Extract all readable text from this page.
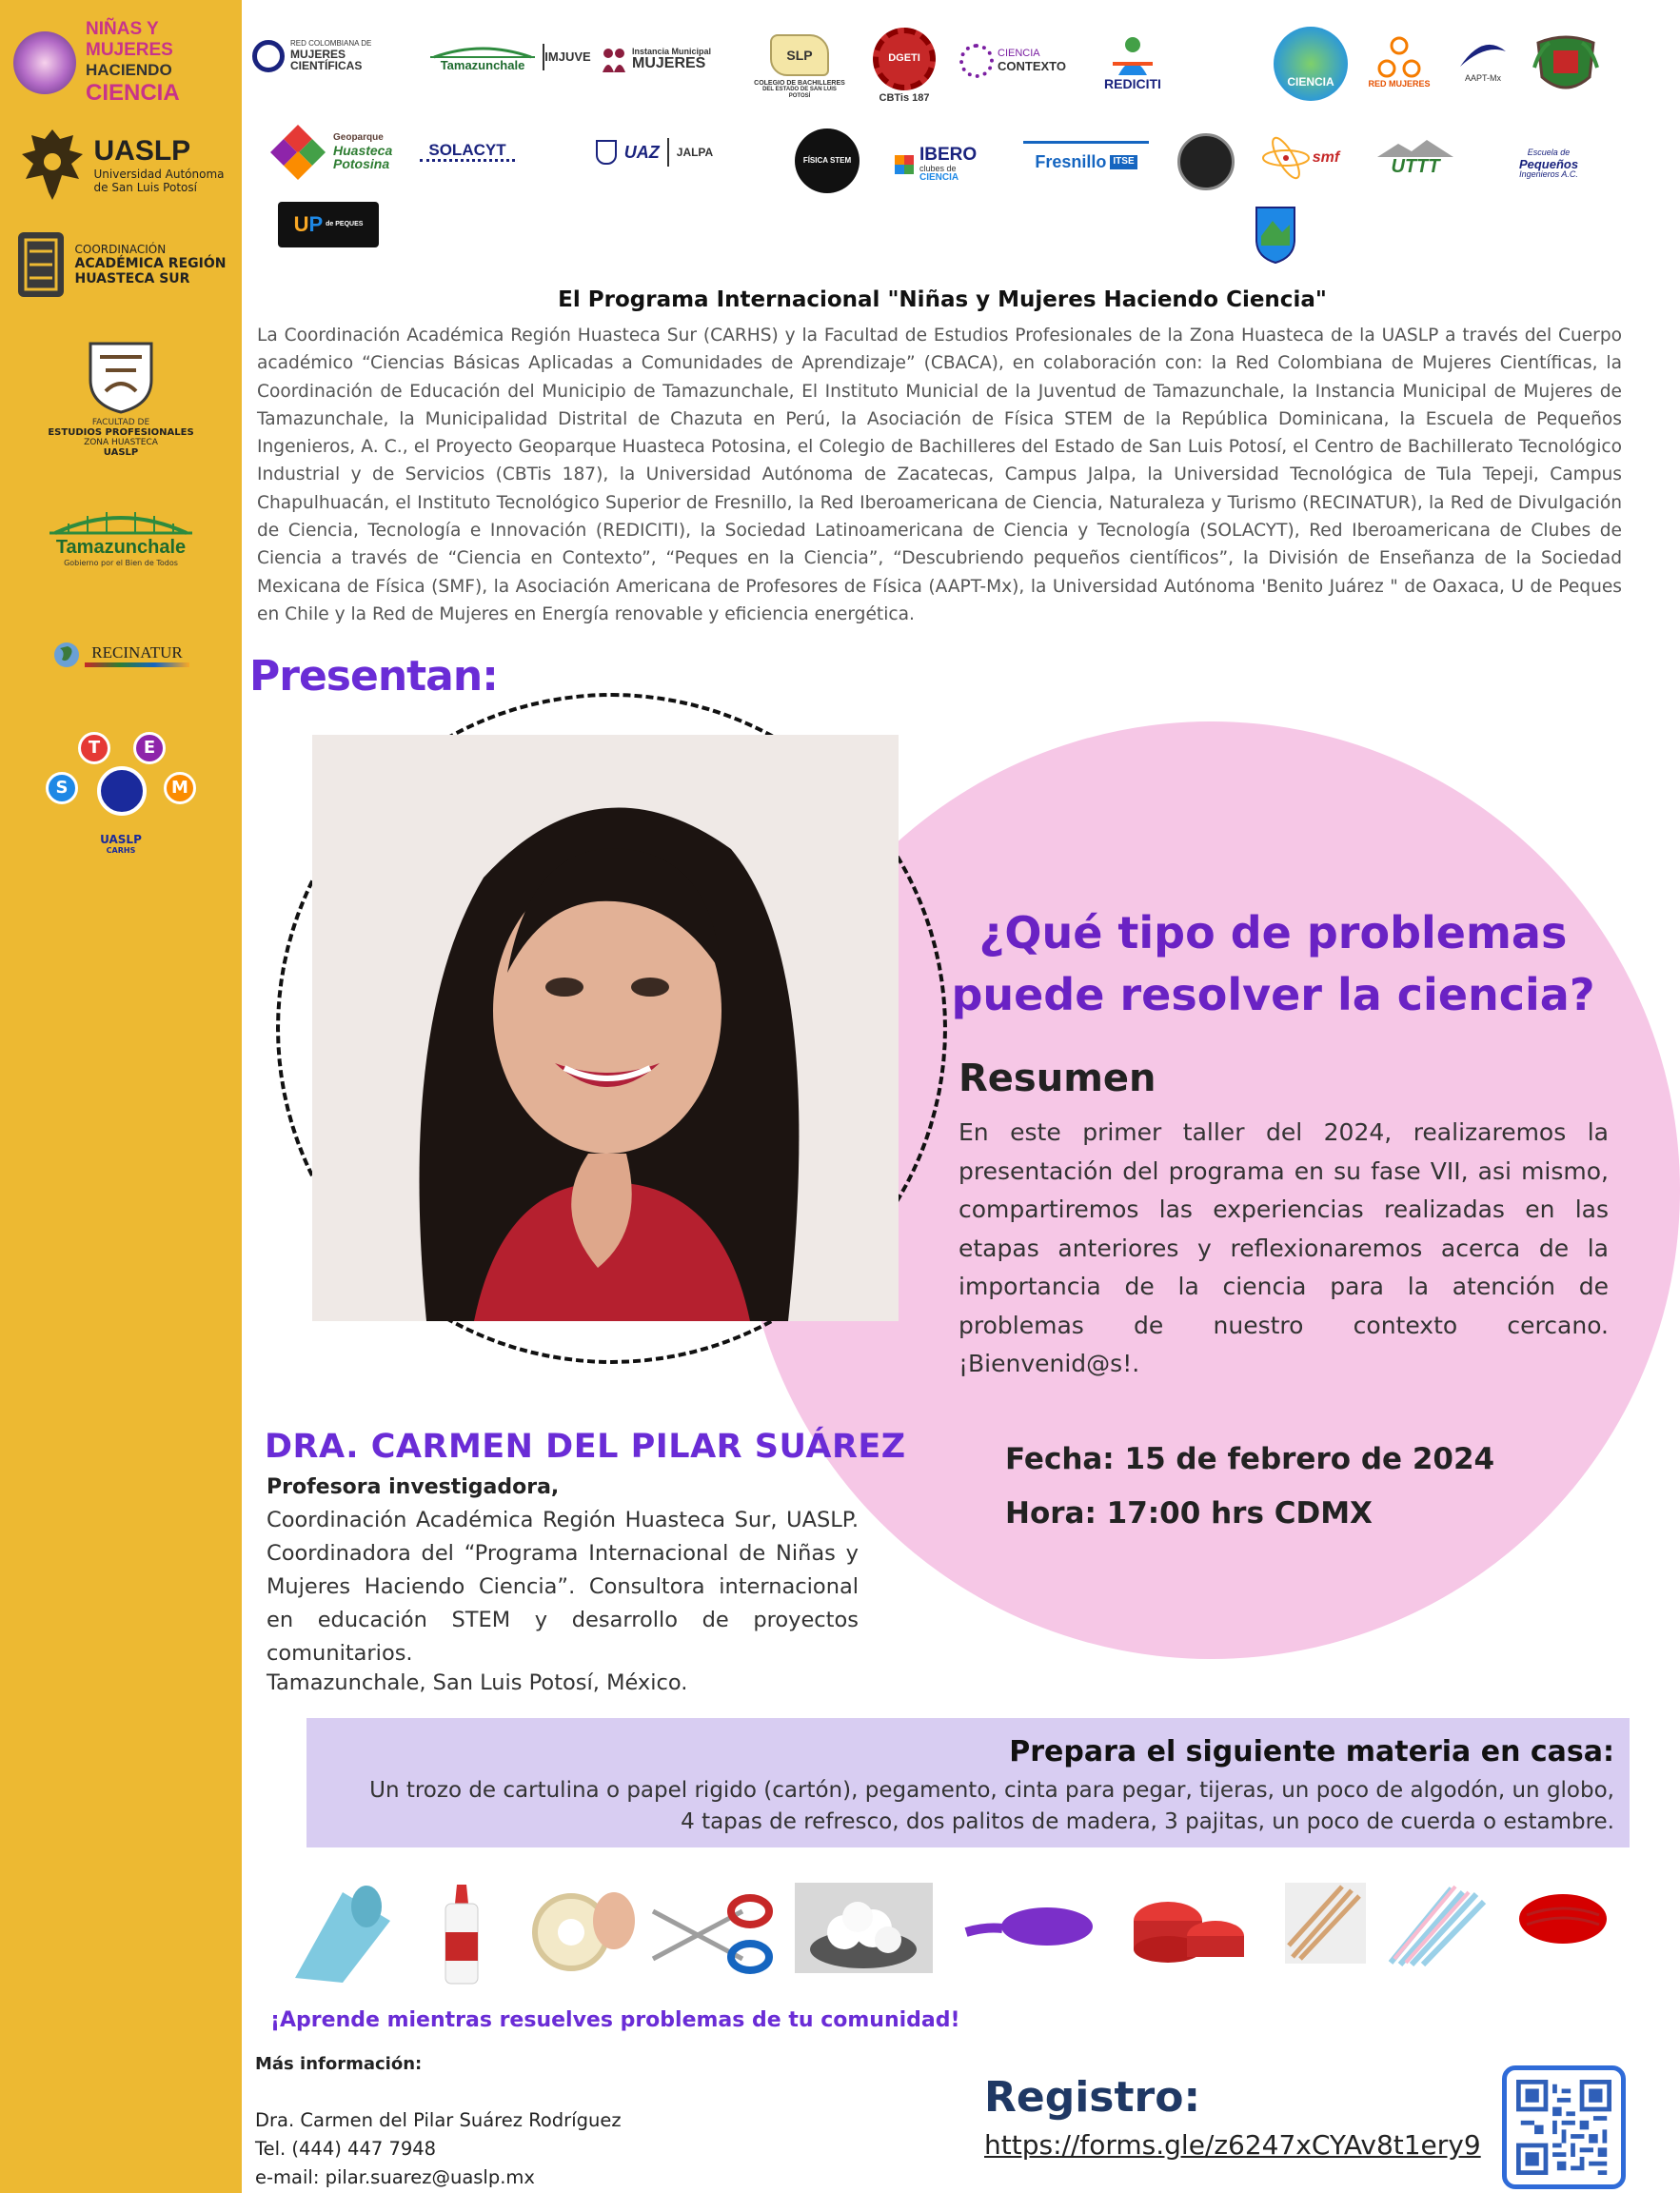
NIÑAS Y MUJERES
HACIENDO CIENCIA
UASLP
Universidad Autónoma
de San Luis Potosí
COORDINACIÓN
ACADÉMICA REGIÓN
HUASTECA SUR
FACULTAD DE
ESTUDIOS PROFESIONALES
ZONA HUASTECA
UASLP
Tamazunchale
Gobierno por el Bien de Todos
RECINATUR
S
T	E
M
UASLP
CARHS
RED COLOMBIANA DE
MUJERES CIENTÍFICAS	Tamazunchale
IMJUVE	Instancia Municipal
MUJERES
SLP
COLEGIO DE BACHILLERES
DEL ESTADO DE SAN LUIS POTOSÍ
DGETI
CBTis 187
CIENCIA
CONTEXTO
REDICITI	CIENCIA	RED MUJERES
AAPT-Mx
Geoparque
Huasteca
Potosina
SOLACYT	UAZ JALPA
FÍSICA STEM	IBERO
clubes de
CIENCIA
Fresnillo ITSE	smf	UTTT
Escuela de
Pequeños
Ingenieros A.C.
U P de PEQUES
El Programa Internacional "Niñas y Mujeres Haciendo Ciencia"
La Coordinación Académica Región Huasteca Sur (CARHS) y la Facultad de Estudios Profesionales de la Zona Huasteca de la UASLP a través del Cuerpo académico “Ciencias Básicas Aplicadas a Comunidades de Aprendizaje” (CBACA), en colaboración con: la Red Colombiana de Mujeres Científicas, la Coordinación de Educación del Municipio de Tamazunchale, El Instituto Municial de la Juventud de Tamazunchale, la Instancia Municipal de Mujeres de Tamazunchale, la Municipalidad Distrital de Chazuta en Perú, la Asociación de Física STEM de la República Dominicana, la Escuela de Pequeños Ingenieros, A. C., el Proyecto Geoparque Huasteca Potosina, el Colegio de Bachilleres del Estado de San Luis Potosí, el Centro de Bachillerato Tecnológico Industrial y de Servicios (CBTis 187), la Universidad Autónoma de Zacatecas, Campus Jalpa, la Universidad Tecnológica de Tula Tepeji, Campus Chapulhuacán, el Instituto Tecnológico Superior de Fresnillo, la Red Iberoamericana de Ciencia, Naturaleza y Turismo (RECINATUR), la Red de Divulgación de Ciencia, Tecnología e Innovación (REDICITI), la Sociedad Latinoamericana de Ciencia y Tecnología (SOLACYT), Red Iberoamericana de Clubes de Ciencia a través de “Ciencia en Contexto”, “Peques en la Ciencia”, “Descubriendo pequeños científicos”, la División de Enseñanza de la Sociedad Mexicana de Física (SMF), la Asociación Americana de Profesores de Física (AAPT-Mx), la Universidad Autónoma 'Benito Juárez " de Oaxaca, U de Peques en Chile y la Red de Mujeres en Energía renovable y eficiencia energética.
Presentan:
¿Qué tipo de problemas puede resolver la ciencia?
Resumen
En este primer taller del 2024, realizaremos la presentación del programa en su fase VII, asi mismo, compartiremos las experiencias realizadas en las etapas anteriores y reflexionaremos acerca de la importancia de la ciencia para la atención de problemas de nuestro contexto cercano. ¡Bienvenid@s!.
Fecha: 15 de febrero de 2024
Hora: 17:00 hrs CDMX
DRA. CARMEN DEL PILAR SUÁREZ
Profesora investigadora,
Coordinación Académica Región Huasteca Sur, UASLP. Coordinadora del “Programa Internacional de Niñas y Mujeres Haciendo Ciencia”. Consultora internacional en educación STEM y desarrollo de proyectos comunitarios.
Tamazunchale, San Luis Potosí, México.
Prepara el siguiente materia en casa:
Un trozo de cartulina o papel rigido (cartón), pegamento, cinta para pegar, tijeras, un poco de algodón, un globo,
4 tapas de refresco, dos palitos de madera, 3 pajitas, un poco de cuerda o estambre.
¡Aprende mientras resuelves problemas de tu comunidad!
Más información:
Dra. Carmen del Pilar Suárez Rodríguez
Tel. (444) 447 7948
e-mail: pilar.suarez@uaslp.mx
Registro:
https://forms.gle/z6247xCYAv8t1ery9
